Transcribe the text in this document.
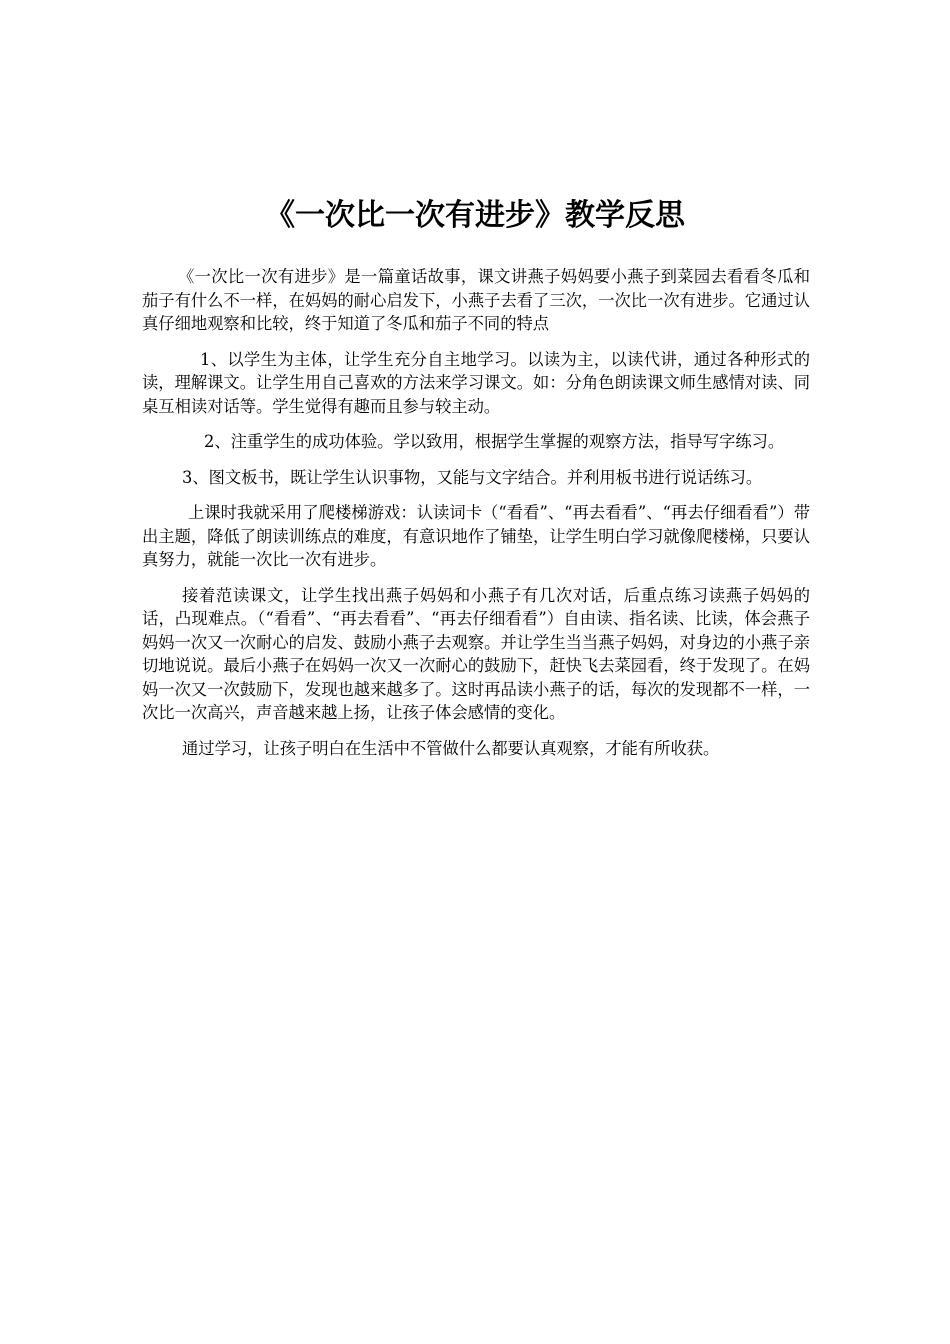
《一次比一次有进步》教学反思

《一次比一次有进步》是一篇童话故事，课文讲燕子妈妈要小燕子到菜园去看看冬瓜和茄子有什么不一样，在妈妈的耐心启发下，小燕子去看了三次，一次比一次有进步。它通过认真仔细地观察和比较，终于知道了冬瓜和茄子不同的特点

1、以学生为主体，让学生充分自主地学习。以读为主，以读代讲，通过各种形式的读，理解课文。让学生用自己喜欢的方法来学习课文。如：分角色朗读课文师生感情对读、同桌互相读对话等。学生觉得有趣而且参与较主动。

2、注重学生的成功体验。学以致用，根据学生掌握的观察方法，指导写字练习。

3、图文板书，既让学生认识事物，又能与文字结合。并利用板书进行说话练习。

上课时我就采用了爬楼梯游戏：认读词卡（“看看”、“再去看看”、“再去仔细看看”）带出主题，降低了朗读训练点的难度，有意识地作了铺垫，让学生明白学习就像爬楼梯，只要认真努力，就能一次比一次有进步。

接着范读课文，让学生找出燕子妈妈和小燕子有几次对话，后重点练习读燕子妈妈的话，凸现难点。（“看看”、“再去看看”、“再去仔细看看”）自由读、指名读、比读，体会燕子妈妈一次又一次耐心的启发、鼓励小燕子去观察。并让学生当当燕子妈妈，对身边的小燕子亲切地说说。最后小燕子在妈妈一次又一次耐心的鼓励下，赶快飞去菜园看，终于发现了。在妈妈一次又一次鼓励下，发现也越来越多了。这时再品读小燕子的话，每次的发现都不一样，一次比一次高兴，声音越来越上扬，让孩子体会感情的变化。

通过学习，让孩子明白在生活中不管做什么都要认真观察，才能有所收获。
